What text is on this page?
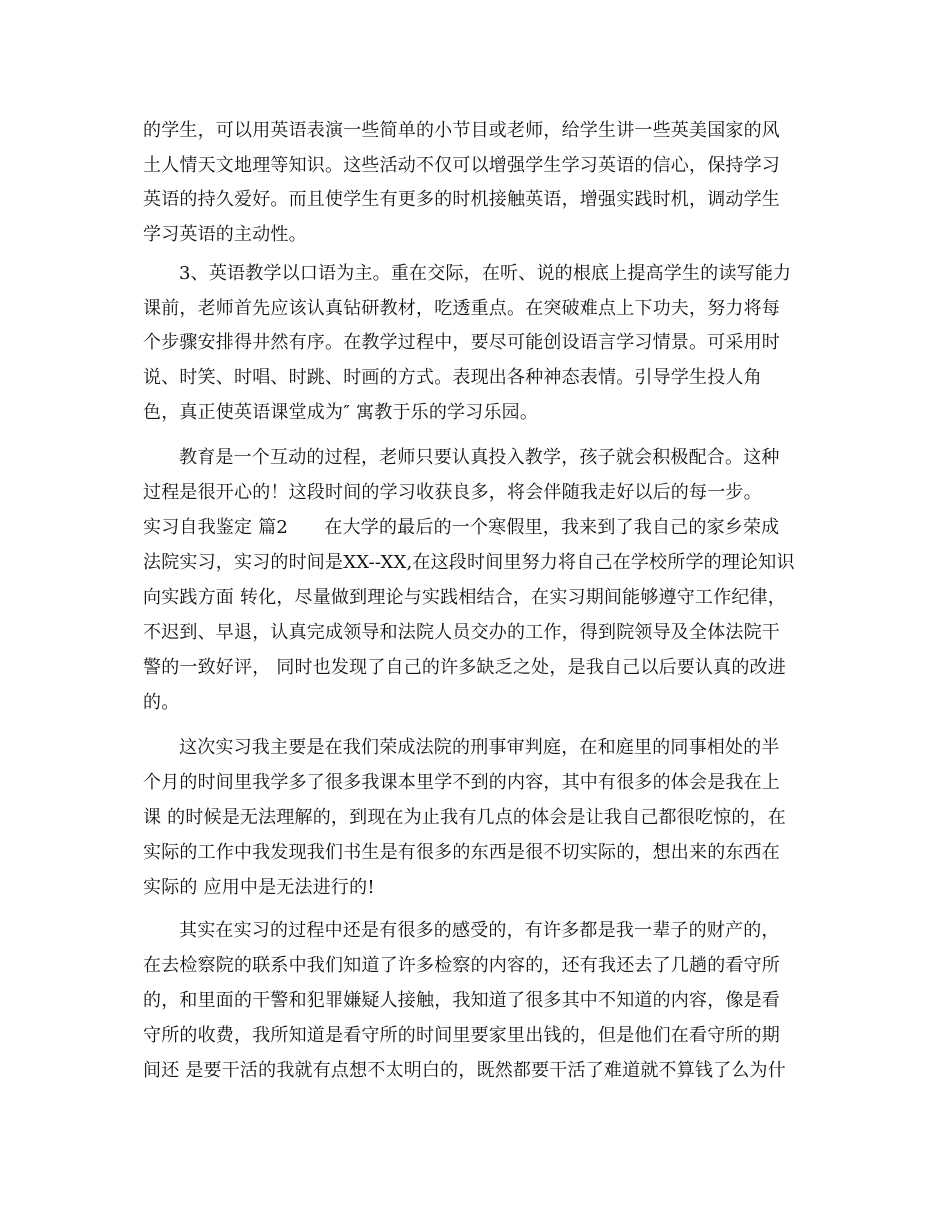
的学生，可以用英语表演一些简单的小节目或老师，给学生讲一些英美国家的风
土人情天文地理等知识。这些活动不仅可以增强学生学习英语的信心，保持学习
英语的持久爱好。而且使学生有更多的时机接触英语，增强实践时机，调动学生
学习英语的主动性。
3、英语教学以口语为主。重在交际，在听、说的根底上提高学生的读写能力
课前，老师首先应该认真钻研教材，吃透重点。在突破难点上下功夫，努力将每
个步骤安排得井然有序。在教学过程中，要尽可能创设语言学习情景。可采用时
说、时笑、时唱、时跳、时画的方式。表现出各种神态表情。引导学生投人角
色，真正使英语课堂成为″ 寓教于乐的学习乐园。
教育是一个互动的过程，老师只要认真投入教学，孩子就会积极配合。这种
过程是很开心的！这段时间的学习收获良多，将会伴随我走好以后的每一步。
实习自我鉴定 篇2　　在大学的最后的一个寒假里，我来到了我自己的家乡荣成
法院实习，实习的时间是XX--XX,在这段时间里努力将自己在学校所学的理论知识
向实践方面 转化，尽量做到理论与实践相结合，在实习期间能够遵守工作纪律，
不迟到、早退，认真完成领导和法院人员交办的工作，得到院领导及全体法院干
警的一致好评， 同时也发现了自己的许多缺乏之处，是我自己以后要认真的改进
的。
这次实习我主要是在我们荣成法院的刑事审判庭，在和庭里的同事相处的半
个月的时间里我学多了很多我课本里学不到的内容，其中有很多的体会是我在上
课 的时候是无法理解的，到现在为止我有几点的体会是让我自己都很吃惊的，在
实际的工作中我发现我们书生是有很多的东西是很不切实际的，想出来的东西在
实际的 应用中是无法进行的!
其实在实习的过程中还是有很多的感受的，有许多都是我一辈子的财产的，
在去检察院的联系中我们知道了许多检察的内容的，还有我还去了几趟的看守所
的，和里面的干警和犯罪嫌疑人接触，我知道了很多其中不知道的内容，像是看
守所的收费，我所知道是看守所的时间里要家里出钱的，但是他们在看守所的期
间还 是要干活的我就有点想不太明白的，既然都要干活了难道就不算钱了么为什
